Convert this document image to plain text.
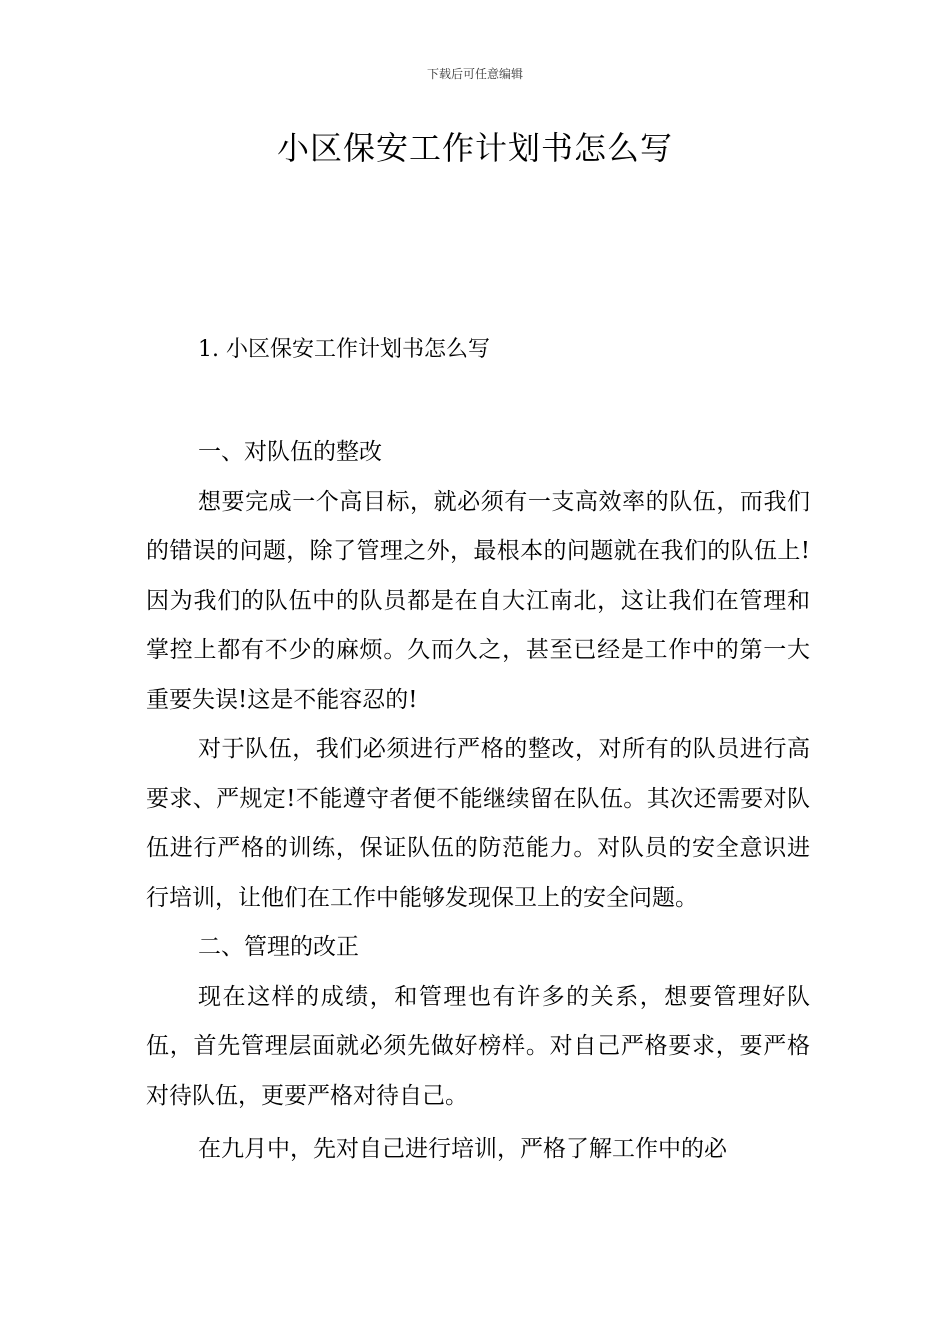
下载后可任意编辑
小区保安工作计划书怎么写
1. 小区保安工作计划书怎么写

一、对队伍的整改

想要完成一个高目标，就必须有一支高效率的队伍，而我们的错误的问题，除了管理之外，最根本的问题就在我们的队伍上!因为我们的队伍中的队员都是在自大江南北，这让我们在管理和掌控上都有不少的麻烦。久而久之，甚至已经是工作中的第一大重要失误!这是不能容忍的!

对于队伍，我们必须进行严格的整改，对所有的队员进行高要求、严规定!不能遵守者便不能继续留在队伍。其次还需要对队伍进行严格的训练，保证队伍的防范能力。对队员的安全意识进行培训，让他们在工作中能够发现保卫上的安全问题。

二、管理的改正

现在这样的成绩，和管理也有许多的关系，想要管理好队伍，首先管理层面就必须先做好榜样。对自己严格要求，要严格对待队伍，更要严格对待自己。

在九月中，先对自己进行培训，严格了解工作中的必
